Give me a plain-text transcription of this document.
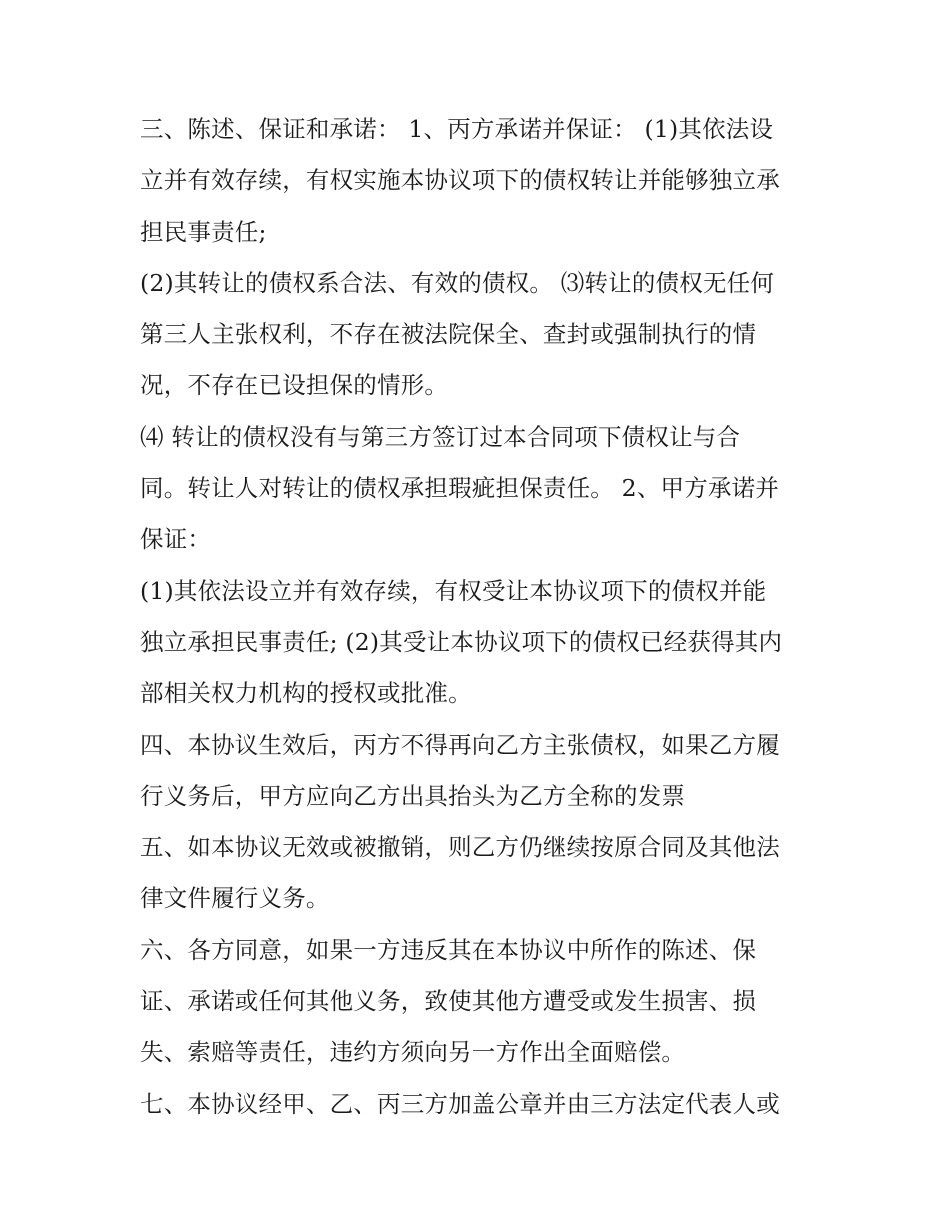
三、陈述、保证和承诺： 1、丙方承诺并保证： (1)其依法设
立并有效存续，有权实施本协议项下的债权转让并能够独立承
担民事责任;
(2)其转让的债权系合法、有效的债权。 ⑶转让的债权无任何
第三人主张权利，不存在被法院保全、查封或强制执行的情
况，不存在已设担保的情形。
⑷ 转让的债权没有与第三方签订过本合同项下债权让与合
同。转让人对转让的债权承担瑕疵担保责任。 2、甲方承诺并
保证：
(1)其依法设立并有效存续，有权受让本协议项下的债权并能
独立承担民事责任; (2)其受让本协议项下的债权已经获得其内
部相关权力机构的授权或批准。
四、本协议生效后，丙方不得再向乙方主张债权，如果乙方履
行义务后，甲方应向乙方出具抬头为乙方全称的发票
五、如本协议无效或被撤销，则乙方仍继续按原合同及其他法
律文件履行义务。
六、各方同意，如果一方违反其在本协议中所作的陈述、保
证、承诺或任何其他义务，致使其他方遭受或发生损害、损
失、索赔等责任，违约方须向另一方作出全面赔偿。
七、本协议经甲、乙、丙三方加盖公章并由三方法定代表人或
